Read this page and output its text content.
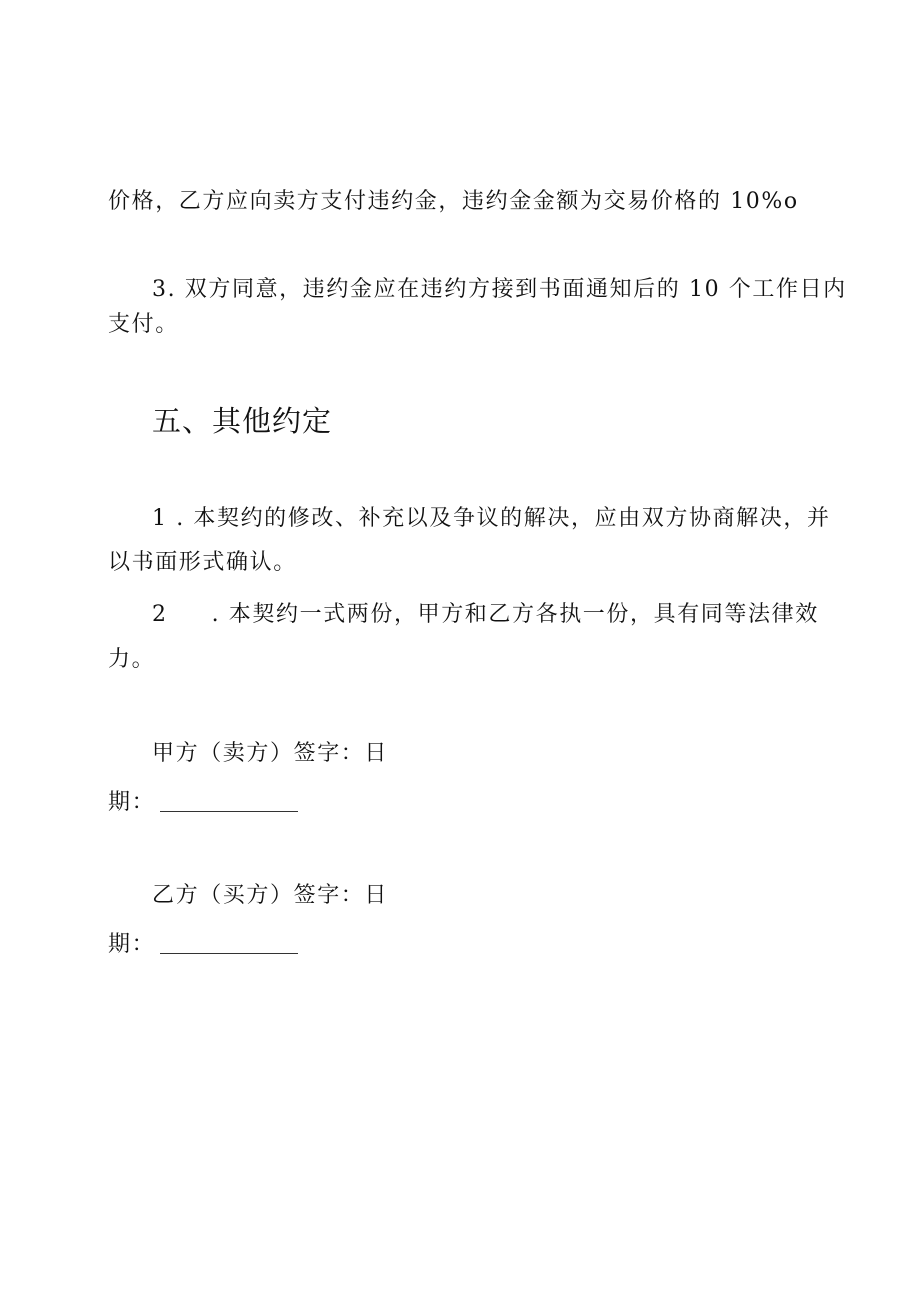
价格，乙方应向卖方支付违约金，违约金金额为交易价格的 10%o

3. 双方同意，违约金应在违约方接到书面通知后的 10 个工作日内

支付。

五、其他约定

1 . 本契约的修改、补充以及争议的解决，应由双方协商解决，并

以书面形式确认。

2 . 本契约一式两份，甲方和乙方各执一份，具有同等法律效

力。

甲方（卖方）签字：日

期：

乙方（买方）签字：日

期：
